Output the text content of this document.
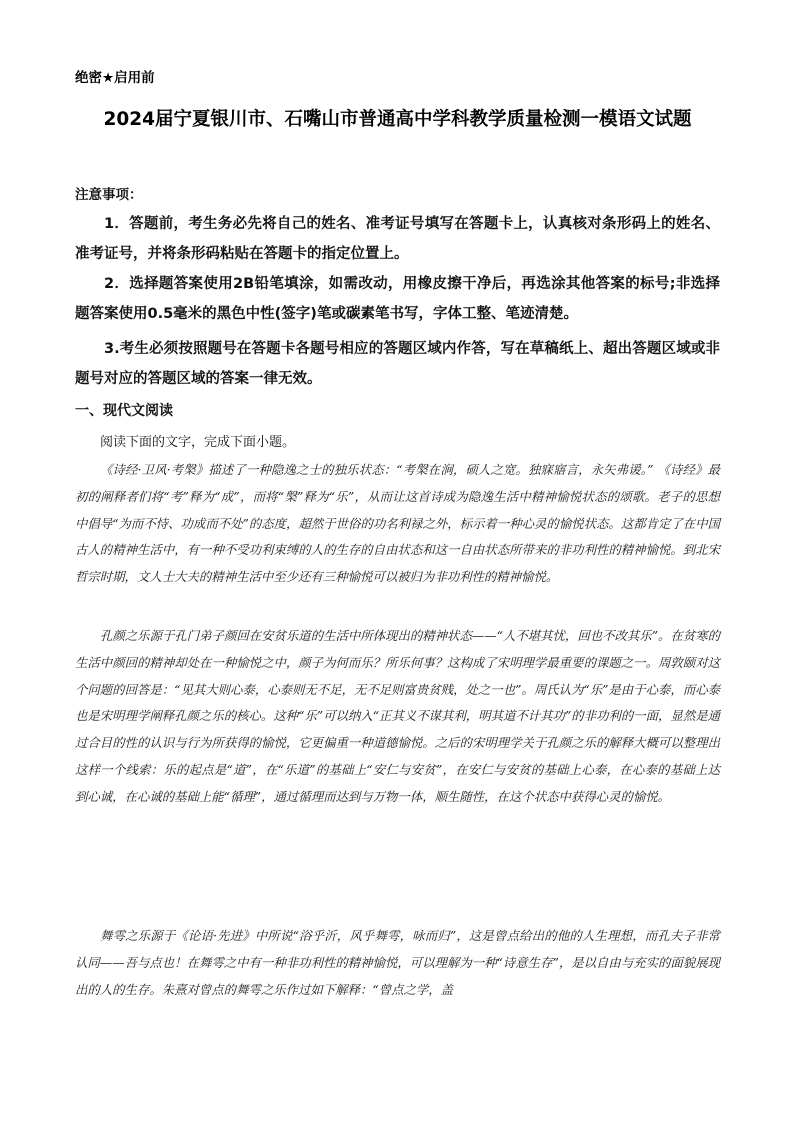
绝密★启用前
2024届宁夏银川市、石嘴山市普通高中学科教学质量检测一模语文试题
注意事项：

1．答题前，考生务必先将自己的姓名、准考证号填写在答题卡上，认真核对条形码上的姓名、准考证号，并将条形码粘贴在答题卡的指定位置上。

2．选择题答案使用2B铅笔填涂，如需改动，用橡皮擦干净后，再选涂其他答案的标号;非选择题答案使用0.5毫米的黑色中性(签字)笔或碳素笔书写，字体工整、笔迹清楚。

3.考生必须按照题号在答题卡各题号相应的答题区域内作答，写在草稿纸上、超出答题区域或非题号对应的答题区域的答案一律无效。

一、现代文阅读
阅读下面的文字，完成下面小题。

《诗经·卫风·考槃》描述了一种隐逸之士的独乐状态：“考槃在涧，硕人之宽。独寐寤言，永矢弗谖。” 《诗经》最初的阐释者们将“考”释为“成”，而将“槃”释为“乐”，从而让这首诗成为隐逸生活中精神愉悦状态的颂歌。老子的思想中倡导“为而不恃、功成而不处”的态度，超然于世俗的功名利禄之外，标示着一种心灵的愉悦状态。这都肯定了在中国古人的精神生活中，有一种不受功利束缚的人的生存的自由状态和这一自由状态所带来的非功利性的精神愉悦。到北宋哲宗时期，文人士大夫的精神生活中至少还有三种愉悦可以被归为非功利性的精神愉悦。

孔颜之乐源于孔门弟子颜回在安贫乐道的生活中所体现出的精神状态——“人不堪其忧，回也不改其乐”。在贫寒的生活中颜回的精神却处在一种愉悦之中，颜子为何而乐？所乐何事？这构成了宋明理学最重要的课题之一。周敦颐对这个问题的回答是：“见其大则心泰，心泰则无不足，无不足则富贵贫贱，处之一也”。周氏认为“乐”是由于心泰，而心泰也是宋明理学阐释孔颜之乐的核心。这种“乐”可以纳入“正其义不谋其利，明其道不计其功”的非功利的一面，显然是通过合目的性的认识与行为所获得的愉悦，它更偏重一种道德愉悦。之后的宋明理学关于孔颜之乐的解释大概可以整理出这样一个线索：乐的起点是“道”，在“乐道”的基础上“安仁与安贫”，在安仁与安贫的基础上心泰，在心泰的基础上达到心诚，在心诚的基础上能“循理”，通过循理而达到与万物一体，顺生随性，在这个状态中获得心灵的愉悦。

舞雩之乐源于《论语·先进》中所说“浴乎沂，风乎舞雩，咏而归”，这是曾点给出的他的人生理想，而孔夫子非常认同——吾与点也！在舞雩之中有一种非功利性的精神愉悦，可以理解为一种“诗意生存”，是以自由与充实的面貌展现出的人的生存。朱熹对曾点的舞雩之乐作过如下解释：“曾点之学，盖
